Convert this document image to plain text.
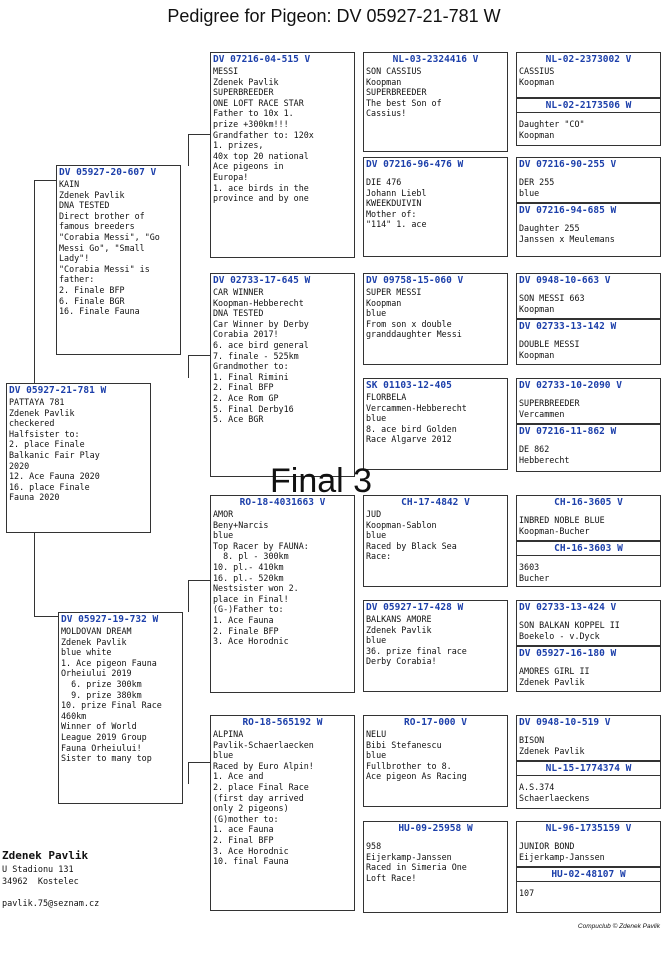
Pedigree for Pigeon: DV 05927-21-781 W
DV 05927-21-781 W
PATTAYA 781
Zdenek Pavlik
checkered
Halfsister to:
2. place Finale
Balkanic Fair Play
2020
12. Ace Fauna 2020
16. place Finale
Fauna 2020
DV 05927-20-607 V
KAIN
Zdenek Pavlik
DNA TESTED
Direct brother of
famous breeders
"Corabia Messi", "Go
Messi Go", "Small
Lady"!
"Corabia Messi" is
father:
2. Finale BFP
6. Finale BGR
16. Finale Fauna
DV 05927-19-732 W
MOLDOVAN DREAM
Zdenek Pavlik
blue white
1. Ace pigeon Fauna
Orheiului 2019
6. prize 300km
9. prize 380km
10. prize Final Race
460km
Winner of World
League 2019 Group
Fauna Orheiului!
Sister to many top
DV 07216-04-515 V
MESSI
Zdenek Pavlik
SUPERBREEDER
ONE LOFT RACE STAR
Father to 10x 1.
prize +300km!!!
Grandfather to: 120x
1. prizes,
40x top 20 national
Ace pigeons in
Europa!
1. ace birds in the
province and by one
DV 02733-17-645 W
CAR WINNER
Koopman-Hebberecht
DNA TESTED
Car Winner by Derby
Corabia 2017!
6. ace bird general
7. finale - 525km
Grandmother to:
1. Final Rimini
2. Final BFP
2. Ace Rom GP
5. Final Derby16
5. Ace BGR
RO-18-4031663 V
AMOR
Beny+Narcis
blue
Top Racer by FAUNA:
8. pl - 300km
10. pl.- 410km
16. pl.- 520km
Nestsister won 2.
place in Final!
(G-)Father to:
1. Ace Fauna
2. Finale BFP
3. Ace Horodnic
RO-18-565192 W
ALPINA
Pavlik-Schaerlaecken
blue
Raced by Euro Alpin!
1. Ace and
2. place Final Race
(first day arrived
only 2 pigeons)
(G)mother to:
1. ace Fauna
2. Final BFP
3. Ace Horodnic
10. final Fauna
NL-03-2324416 V
SON CASSIUS
Koopman
SUPERBREEDER
The best Son of
Cassius!
DV 07216-96-476 W
DIE 476
Johann Liebl
KWEEKDUIVIN
Mother of:
"114" 1. ace
DV 09758-15-060 V
SUPER MESSI
Koopman
blue
From son x double
granddaughter Messi
SK 01103-12-405
FLORBELA
Vercammen-Hebberecht
blue
8. ace bird Golden
Race Algarve 2012
CH-17-4842 V
JUD
Koopman-Sablon
blue
Raced by Black Sea
Race:
DV 05927-17-428 W
BALKANS AMORE
Zdenek Pavlik
blue
36. prize final race
Derby Corabia!
RO-17-000 V
NELU
Bibi Stefanescu
blue
Fullbrother to 8.
Ace pigeon As Racing
HU-09-25958 W
958
Eijerkamp-Janssen
Raced in Simeria One
Loft Race!
NL-02-2373002 V
CASSIUS
Koopman
NL-02-2173506 W
Daughter "CO"
Koopman
DV 07216-90-255 V
DER 255
blue
DV 07216-94-685 W
Daughter 255
Janssen x Meulemans
DV 0948-10-663 V
SON MESSI 663
Koopman
DV 02733-13-142 W
DOUBLE MESSI
Koopman
DV 02733-10-2090 V
SUPERBREEDER
Vercammen
DV 07216-11-862 W
DE 862
Hebberecht
CH-16-3605 V
INBRED NOBLE BLUE
Koopman-Bucher
CH-16-3603 W
3603
Bucher
DV 02733-13-424 V
SON BALKAN KOPPEL II
Boekelo - v.Dyck
DV 05927-16-180 W
AMORES GIRL II
Zdenek Pavlik
DV 0948-10-519 V
BISON
Zdenek Pavlik
NL-15-1774374 W
A.S.374
Schaerlaeckens
NL-96-1735159 V
JUNIOR BOND
Eijerkamp-Janssen
HU-02-48107 W
107
Final 3
Zdenek Pavlik
U Stadionu 131
34962  Kostelec
pavlik.75@seznam.cz
Compuclub © Zdenek Pavlik
